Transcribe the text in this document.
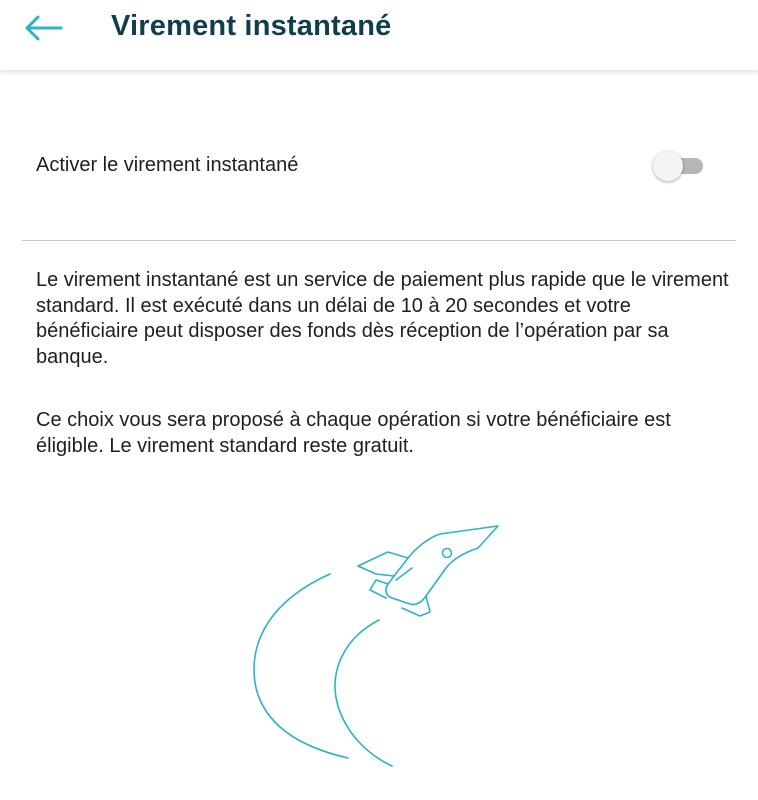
Virement instantané
Activer le virement instantané

Le virement instantané est un service de paiement plus rapide que le virement standard. Il est exécuté dans un délai de 10 à 20 secondes et votre bénéficiaire peut disposer des fonds dès réception de l’opération par sa banque.

Ce choix vous sera proposé à chaque opération si votre bénéficiaire est éligible. Le virement standard reste gratuit.
